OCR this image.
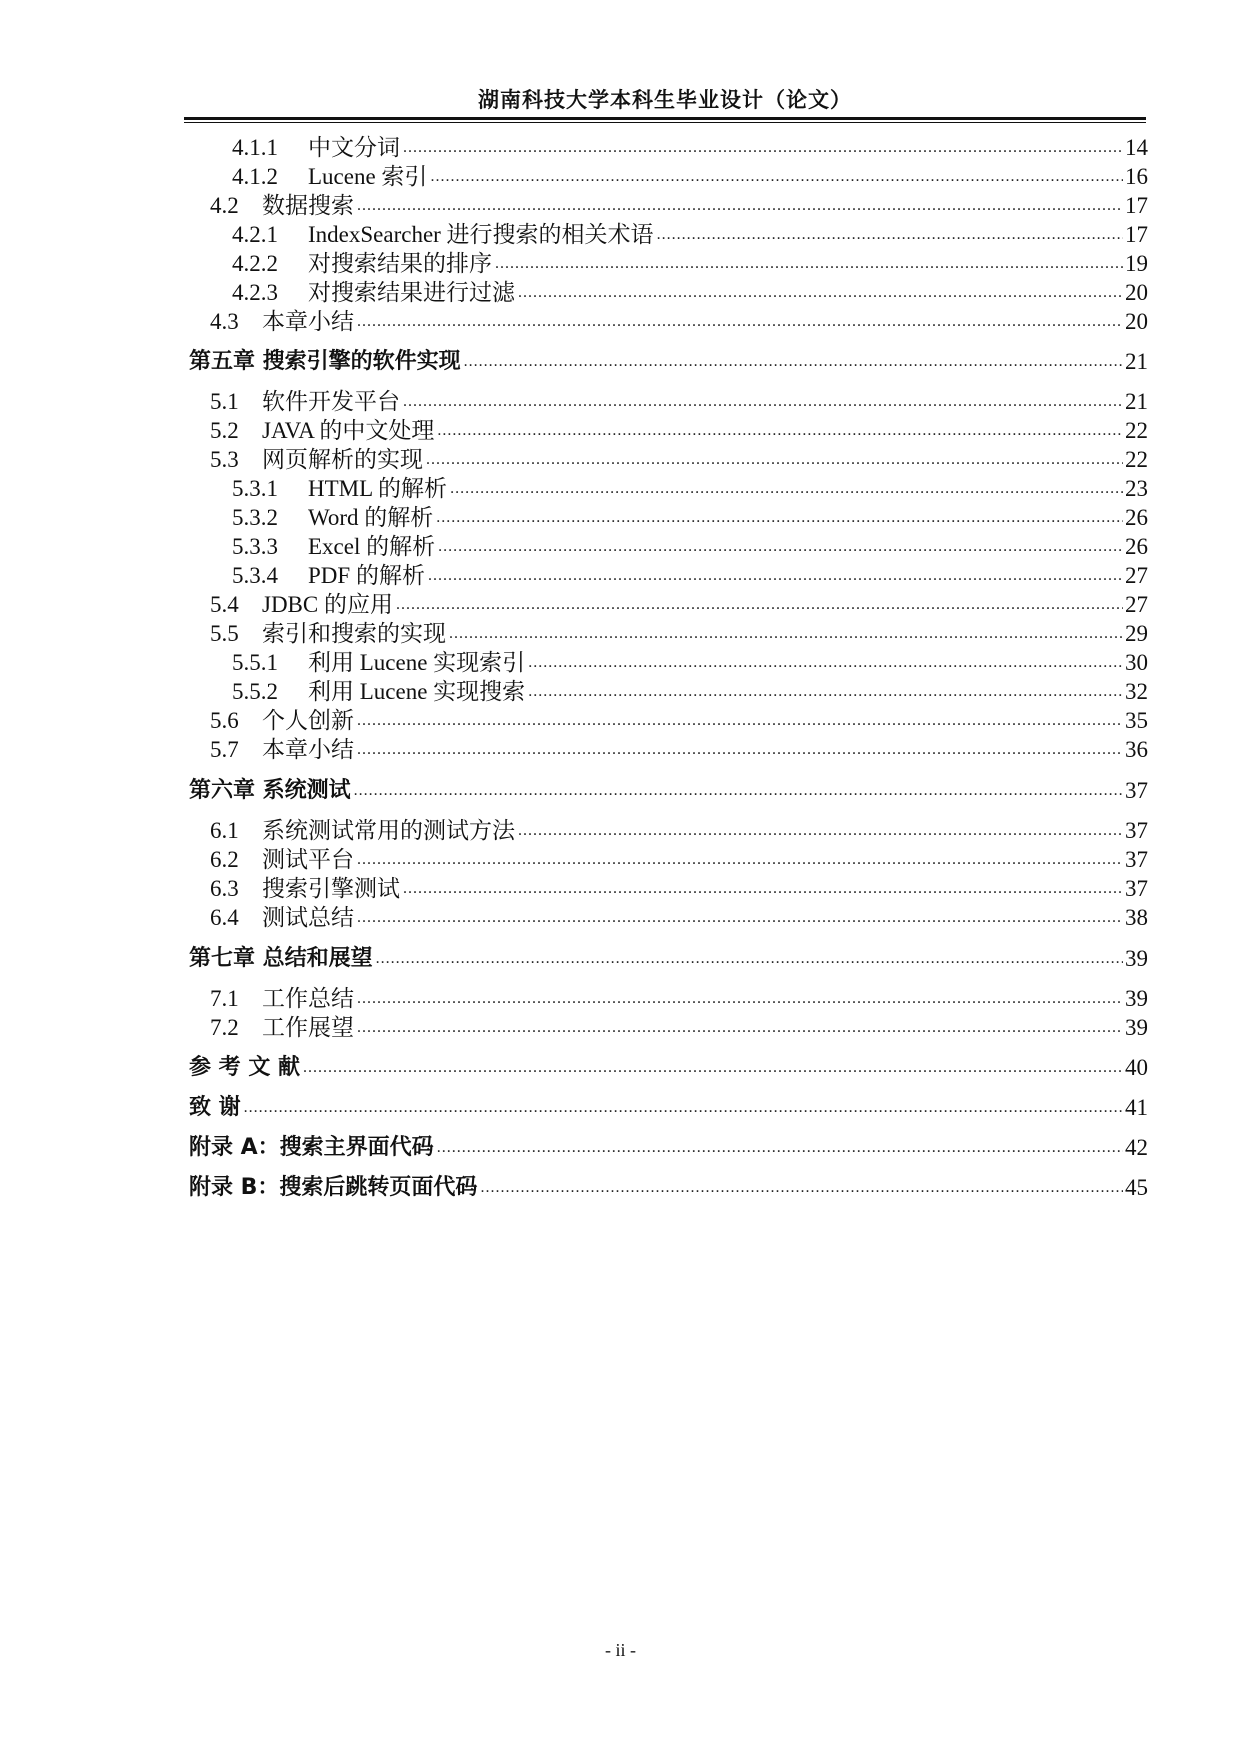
湖南科技大学本科生毕业设计（论文）
4.1.1	中文分词 .....	14
4.1.2	Lucene 索引 .....	16
4.2	数据搜索 .....	17
4.2.1	IndexSearcher 进行搜索的相关术语 .....	17
4.2.2	对搜索结果的排序 .....	19
4.2.3	对搜索结果进行过滤 .....	20
4.3	本章小结 .....	20
第五章 搜索引擎的软件实现 .....	21
5.1	软件开发平台 .....	21
5.2	JAVA 的中文处理 .....	22
5.3	网页解析的实现 .....	22
5.3.1	HTML 的解析 .....	23
5.3.2	Word 的解析 .....	26
5.3.3	Excel 的解析 .....	26
5.3.4	PDF 的解析 .....	27
5.4	JDBC 的应用 .....	27
5.5	索引和搜索的实现 .....	29
5.5.1	利用 Lucene 实现索引 .....	30
5.5.2	利用 Lucene 实现搜索 .....	32
5.6	个人创新 .....	35
5.7	本章小结 .....	36
第六章 系统测试 .....	37
6.1	系统测试常用的测试方法 .....	37
6.2	测试平台 .....	37
6.3	搜索引擎测试 .....	37
6.4	测试总结 .....	38
第七章 总结和展望 .....	39
7.1	工作总结 .....	39
7.2	工作展望 .....	39
参 考 文 献 .....	40
致 谢 .....	41
附录 A：搜索主界面代码 .....	42
附录 B：搜索后跳转页面代码 .....	45
- ii -
